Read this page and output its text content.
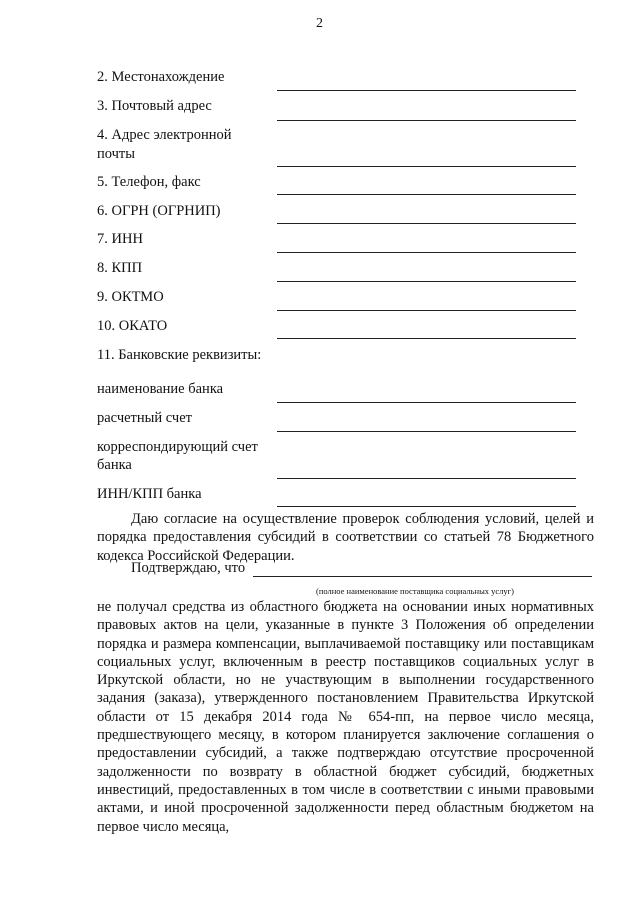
2
2. Местонахождение
3. Почтовый адрес
4. Адрес электронной
почты
5. Телефон, факс
6. ОГРН (ОГРНИП)
7. ИНН
8. КПП
9. ОКТМО
10. ОКАТО
11. Банковские реквизиты:
наименование банка
расчетный счет
корреспондирующий счет
банка
ИНН/КПП банка
Даю согласие на осуществление проверок соблюдения условий, целей и порядка предоставления субсидий в соответствии со статьей 78 Бюджетного кодекса Российской Федерации.
Подтверждаю, что
(полное наименование поставщика социальных услуг)
не получал средства из областного бюджета на основании иных нормативных правовых актов на цели, указанные в пункте 3 Положения об определении порядка и размера компенсации, выплачиваемой поставщику или поставщикам социальных услуг, включенным в реестр поставщиков социальных услуг в Иркутской области, но не участвующим в выполнении государственного задания (заказа), утвержденного постановлением Правительства Иркутской области от 15 декабря 2014 года № 654-пп, на первое число месяца, предшествующего месяцу, в котором планируется заключение соглашения о предоставлении субсидий, а также подтверждаю отсутствие просроченной задолженности по возврату в областной бюджет субсидий, бюджетных инвестиций, предоставленных в том числе в соответствии с иными правовыми актами, и иной просроченной задолженности перед областным бюджетом на первое число месяца,
